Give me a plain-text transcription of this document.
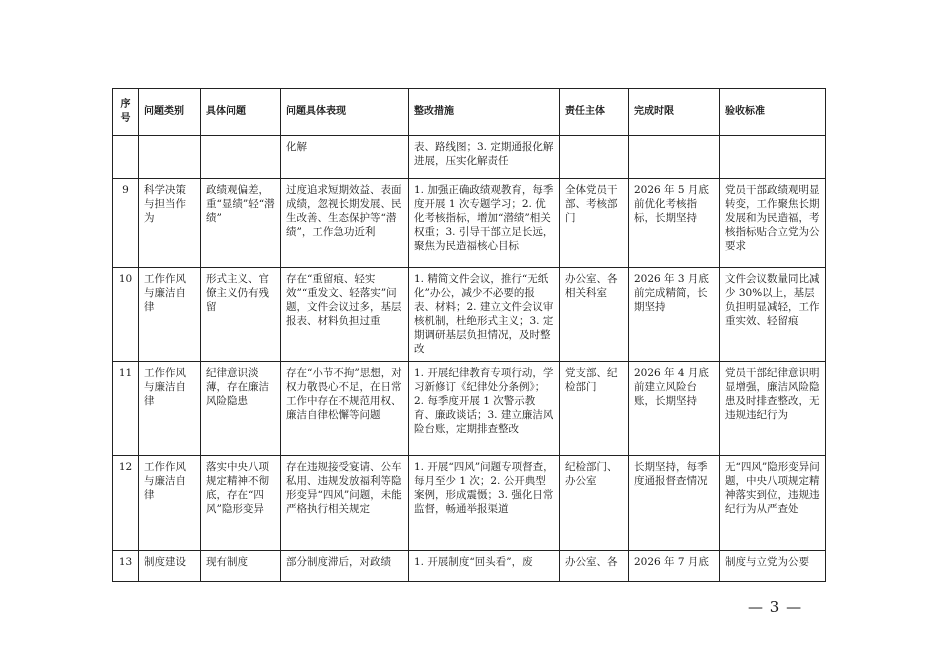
序号	问题类别	具体问题	问题具体表现	整改措施	责任主体	完成时限	验收标准
			化解	表、路线图；3. 定期通报化解进展，压实化解责任			
9	科学决策与担当作为	政绩观偏差，重“显绩”轻“潜绩”	过度追求短期效益、表面成绩，忽视长期发展、民生改善、生态保护等“潜绩”，工作急功近利	1. 加强正确政绩观教育，每季度开展 1 次专题学习；2. 优化考核指标，增加“潜绩”相关权重；3. 引导干部立足长远，聚焦为民造福核心目标	全体党员干部、考核部门	2026 年 5 月底前优化考核指标，长期坚持	党员干部政绩观明显转变，工作聚焦长期发展和为民造福，考核指标贴合立党为公要求
10	工作作风与廉洁自律	形式主义、官僚主义仍有残留	存在“重留痕、轻实效”“重发文、轻落实”问题，文件会议过多，基层报表、材料负担过重	1. 精简文件会议，推行“无纸化”办公，减少不必要的报表、材料；2. 建立文件会议审核机制，杜绝形式主义；3. 定期调研基层负担情况，及时整改	办公室、各相关科室	2026 年 3 月底前完成精简，长期坚持	文件会议数量同比减少 30%以上，基层负担明显减轻，工作重实效、轻留痕
11	工作作风与廉洁自律	纪律意识淡薄，存在廉洁风险隐患	存在“小节不拘”思想，对权力敬畏心不足，在日常工作中存在不规范用权、廉洁自律松懈等问题	1. 开展纪律教育专项行动，学习新修订《纪律处分条例》；2. 每季度开展 1 次警示教育、廉政谈话；3. 建立廉洁风险台账，定期排查整改	党支部、纪检部门	2026 年 4 月底前建立风险台账，长期坚持	党员干部纪律意识明显增强，廉洁风险隐患及时排查整改，无违规违纪行为
12	工作作风与廉洁自律	落实中央八项规定精神不彻底，存在“四风”隐形变异	存在违规接受宴请、公车私用、违规发放福利等隐形变异“四风”问题，未能严格执行相关规定	1. 开展“四风”问题专项督查，每月至少 1 次；2. 公开典型案例，形成震慑；3. 强化日常监督，畅通举报渠道	纪检部门、办公室	长期坚持，每季度通报督查情况	无“四风”隐形变异问题，中央八项规定精神落实到位，违规违纪行为从严查处
13	制度建设	现有制度	部分制度滞后，对政绩	1. 开展制度“回头看”，废	办公室、各	2026 年 7 月底	制度与立党为公要
— 3 —
